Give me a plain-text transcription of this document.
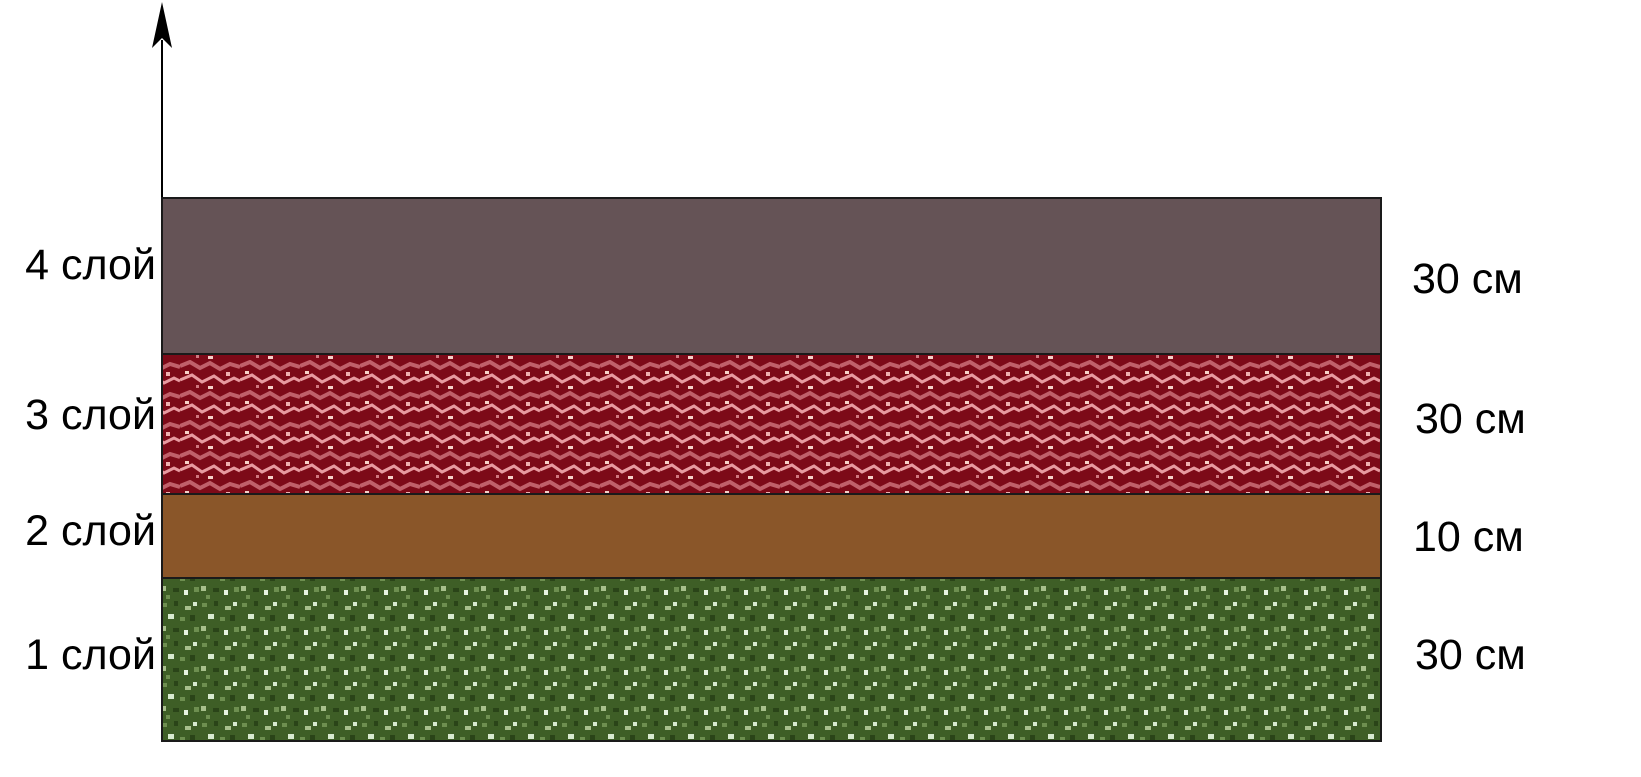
4 слой
3 слой
2 слой
1 слой
30 см
30 см
10 см
30 см
